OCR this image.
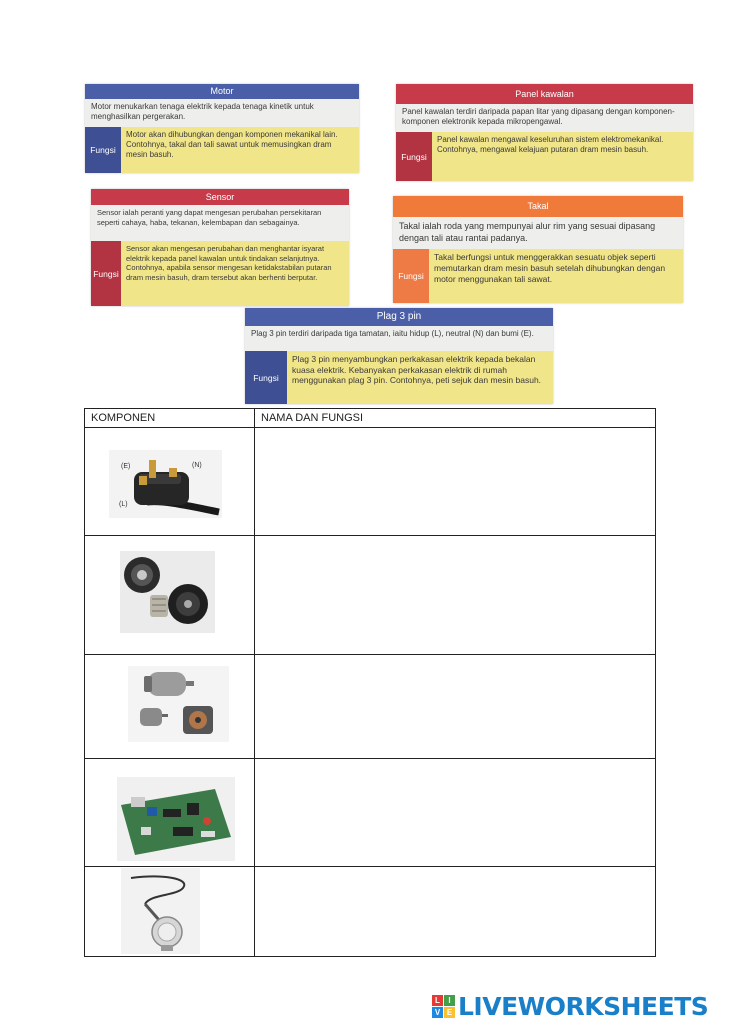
Motor
Motor menukarkan tenaga elektrik kepada tenaga kinetik untuk menghasilkan pergerakan.
Fungsi
Motor akan dihubungkan dengan komponen mekanikal lain. Contohnya, takal dan tali sawat untuk memusingkan dram mesin basuh.
Panel kawalan
Panel kawalan terdiri daripada papan litar yang dipasang dengan komponen-komponen elektronik kepada mikropengawal.
Fungsi
Panel kawalan mengawal keseluruhan sistem elektromekanikal. Contohnya, mengawal kelajuan putaran dram mesin basuh.
Sensor
Sensor ialah peranti yang dapat mengesan perubahan persekitaran seperti cahaya, haba, tekanan, kelembapan dan sebagainya.
Fungsi
Sensor akan mengesan perubahan dan menghantar isyarat elektrik kepada panel kawalan untuk tindakan selanjutnya. Contohnya, apabila sensor mengesan ketidakstabilan putaran dram mesin basuh, dram tersebut akan berhenti berputar.
Takal
Takal ialah roda yang mempunyai alur rim yang sesuai dipasang dengan tali atau rantai padanya.
Fungsi
Takal berfungsi untuk menggerakkan sesuatu objek seperti memutarkan dram mesin basuh setelah dihubungkan dengan motor menggunakan tali sawat.
Plag 3 pin
Plag 3 pin terdiri daripada tiga tamatan, iaitu hidup (L), neutral (N) dan bumi (E).
Fungsi
Plag 3 pin menyambungkan perkakasan elektrik kepada bekalan kuasa elektrik. Kebanyakan perkakasan elektrik di rumah menggunakan plag 3 pin. Contohnya, peti sejuk dan mesin basuh.
KOMPONEN	NAMA DAN FUNGSI

(E)	(N)
(L)
L	I
V E LIVEWORKSHEETS
